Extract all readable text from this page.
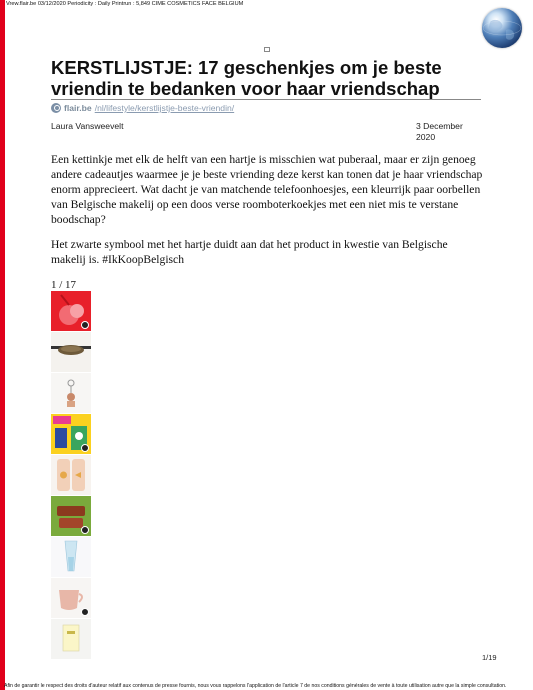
Vrew.flair.be 03/12/2020 Periodicity : Daily Printrun : 5,849 CIME COSMETICS FACE BELGIUM
KERSTLIJSTJE: 17 geschenkjes om je beste vriendin te bedanken voor haar vriendschap
flair.be /nl/lifestyle/kerstlijstje-beste-vriendin/
Laura Vansweevelt	3 December 2020

Een kettinkje met elk de helft van een hartje is misschien wat puberaal, maar er zijn genoeg andere cadeautjes waarmee je je beste vriending deze kerst kan tonen dat je haar vriendschap enorm apprecieert. Wat dacht je van matchende telefoonhoesjes, een kleurrijk paar oorbellen van Belgische makelij op een doos verse roomboterkoekjes met een niet mis te verstane boodschap?

Het zwarte symbool met het hartje duidt aan dat het product in kwestie van Belgische makelij is. #IkKoopBelgisch

1 / 17
1/19
Afin de garantir le respect des droits d'auteur relatif aux contenus de presse fournis, nous vous rappelons l'application de l'article 7 de nos conditions générales de vente à toute utilisation autre que la simple consultation.
